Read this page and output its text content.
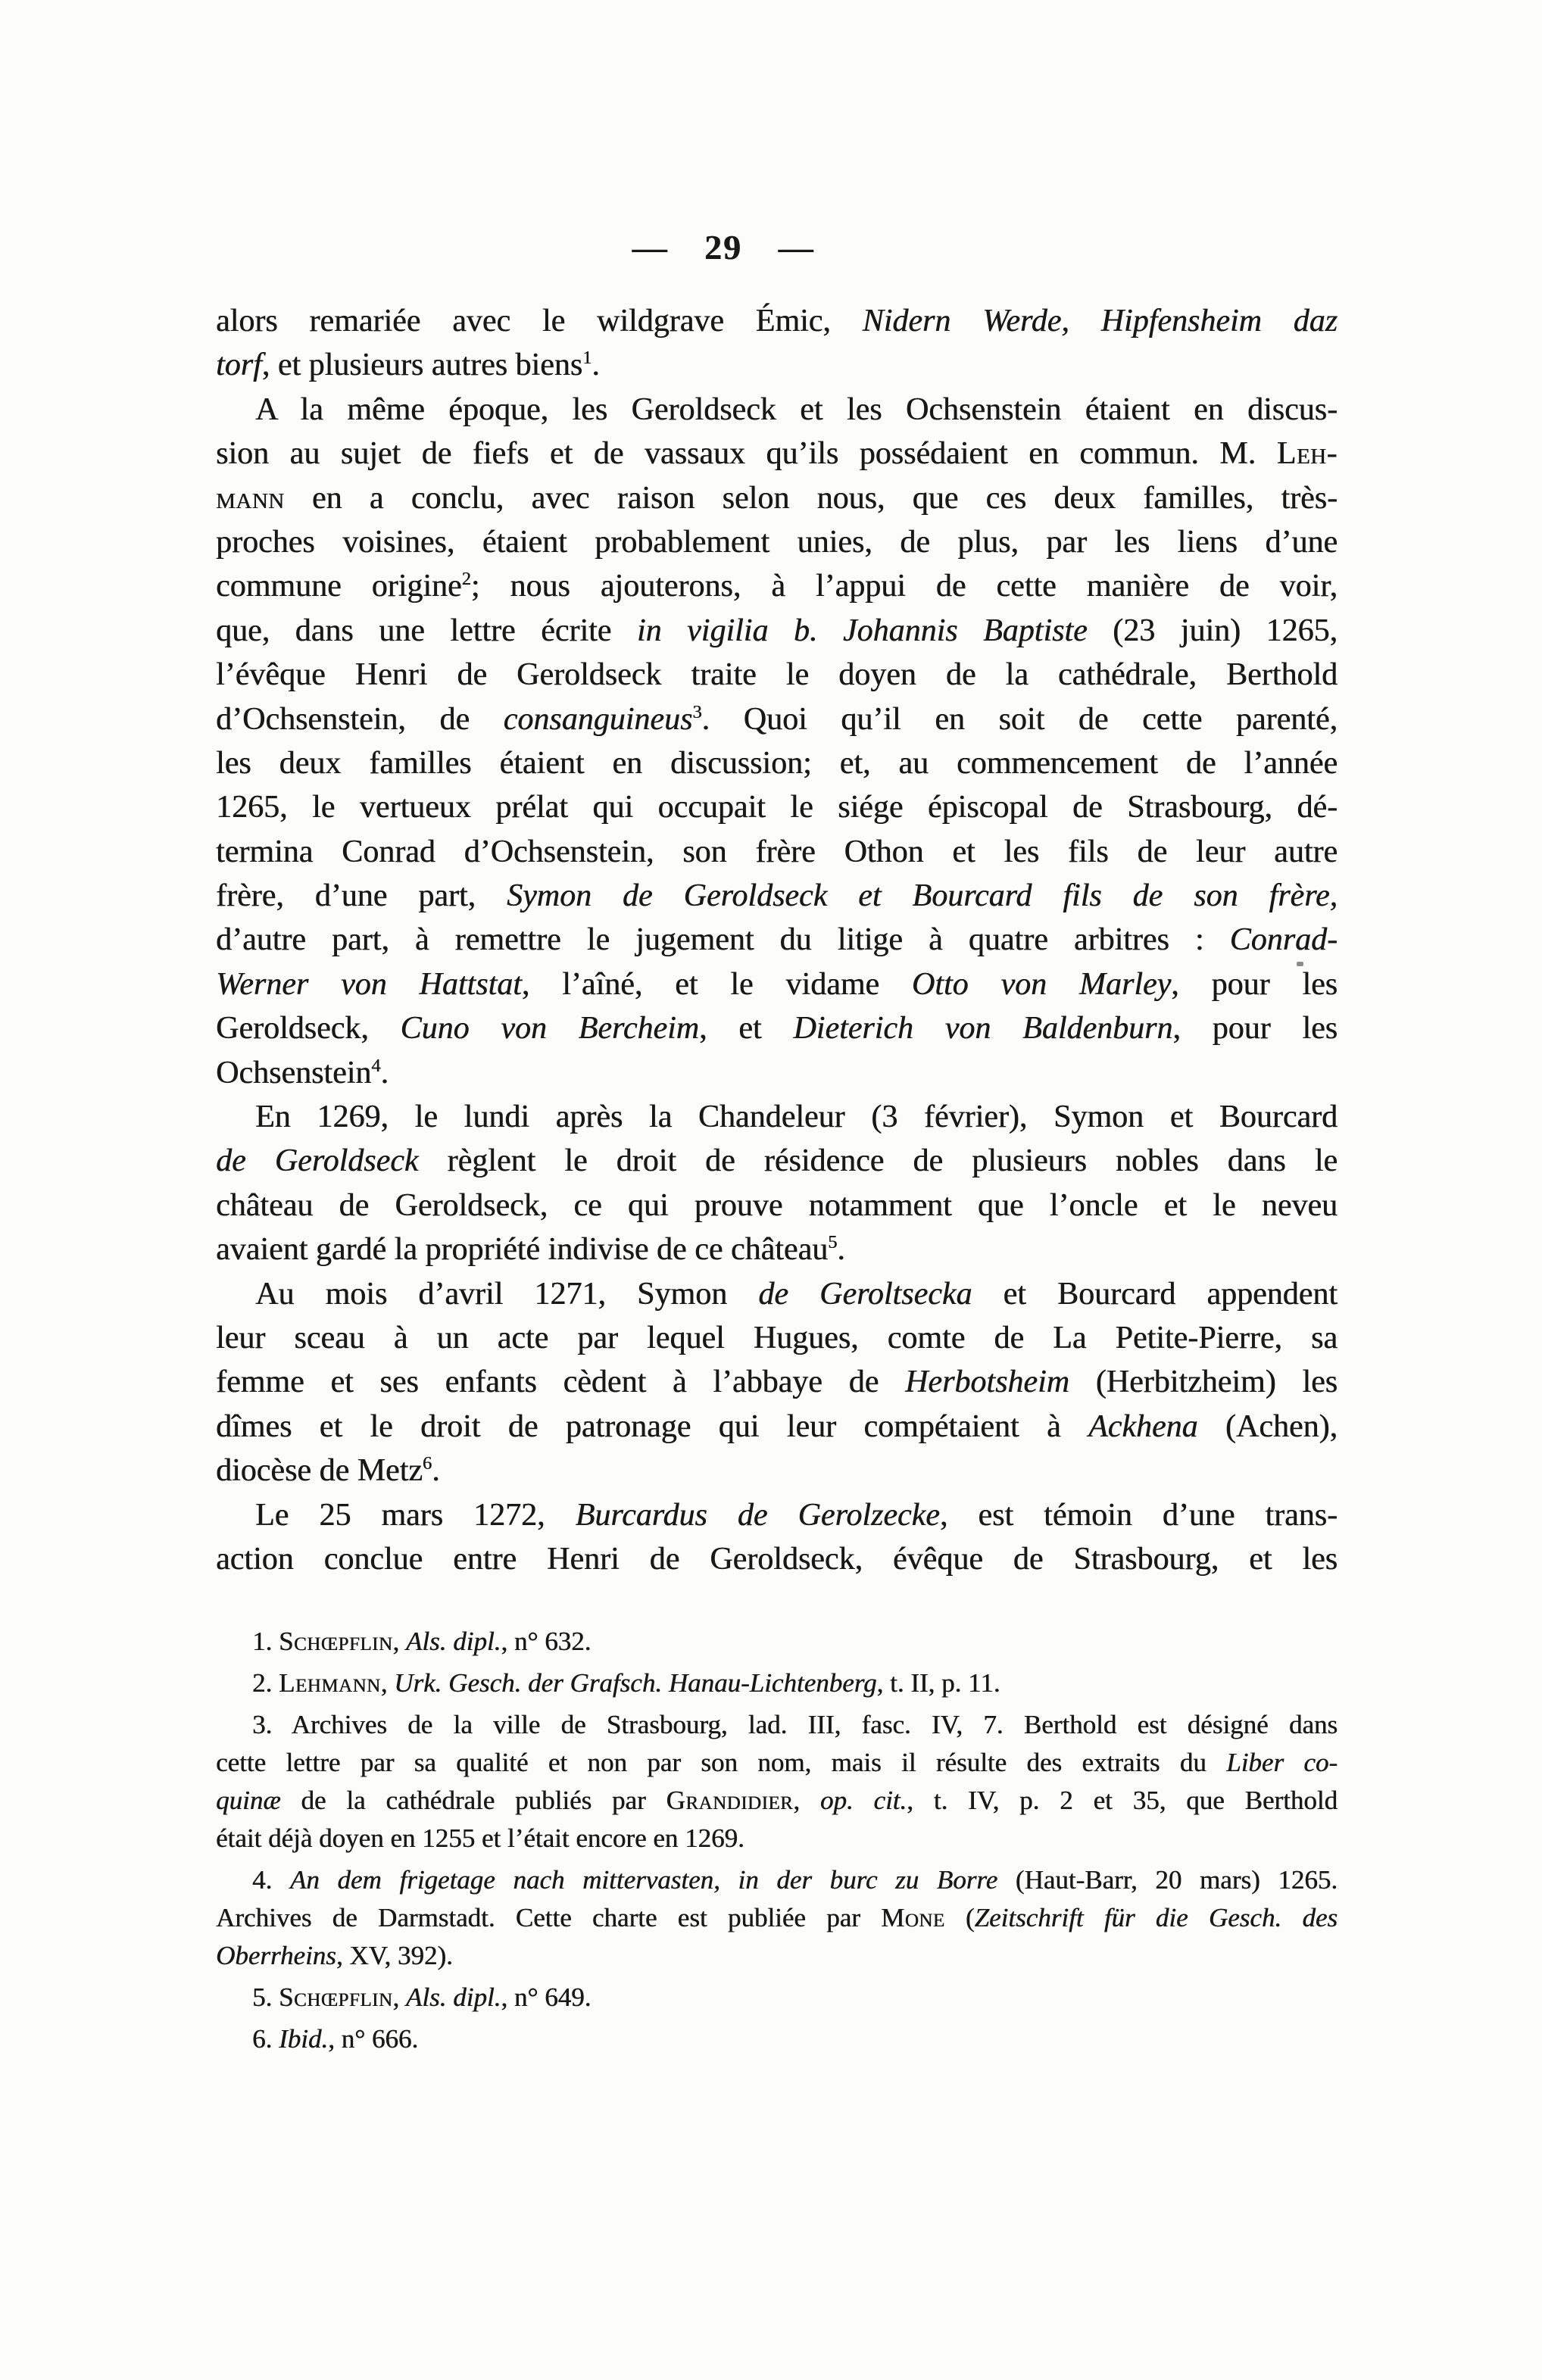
— 29 —
alors remariée avec le wildgrave Émic, Nidern Werde, Hipfensheim daz
torf, et plusieurs autres biens$^1$.
A la même époque, les Geroldseck et les Ochsenstein étaient en discus-
sion au sujet de fiefs et de vassaux qu’ils possédaient en commun. M. Leh-
mann en a conclu, avec raison selon nous, que ces deux familles, très-
proches voisines, étaient probablement unies, de plus, par les liens d’une
commune origine$^2$; nous ajouterons, à l’appui de cette manière de voir,
que, dans une lettre écrite in vigilia b. Johannis Baptiste (23 juin) 1265,
l’évêque Henri de Geroldseck traite le doyen de la cathédrale, Berthold
d’Ochsenstein, de consanguineus$^3$. Quoi qu’il en soit de cette parenté,
les deux familles étaient en discussion; et, au commencement de l’année
1265, le vertueux prélat qui occupait le siége épiscopal de Strasbourg, dé-
termina Conrad d’Ochsenstein, son frère Othon et les fils de leur autre
frère, d’une part, Symon de Geroldseck et Bourcard fils de son frère,
d’autre part, à remettre le jugement du litige à quatre arbitres : Conrad-
Werner von Hattstat, l’aîné, et le vidame Otto von Marley, pour les
Geroldseck, Cuno von Bercheim, et Dieterich von Baldenburn, pour les
Ochsenstein$^4$.
En 1269, le lundi après la Chandeleur (3 février), Symon et Bourcard
de Geroldseck règlent le droit de résidence de plusieurs nobles dans le
château de Geroldseck, ce qui prouve notamment que l’oncle et le neveu
avaient gardé la propriété indivise de ce château$^5$.
Au mois d’avril 1271, Symon de Geroltsecka et Bourcard appendent
leur sceau à un acte par lequel Hugues, comte de La Petite-Pierre, sa
femme et ses enfants cèdent à l’abbaye de Herbotsheim (Herbitzheim) les
dîmes et le droit de patronage qui leur compétaient à Ackhena (Achen),
diocèse de Metz$^6$.
Le 25 mars 1272, Burcardus de Gerolzecke, est témoin d’une trans-
action conclue entre Henri de Geroldseck, évêque de Strasbourg, et les
1. Schœpflin, Als. dipl., n° 632.
2. Lehmann, Urk. Gesch. der Grafsch. Hanau-Lichtenberg, t. II, p. 11.
3. Archives de la ville de Strasbourg, lad. III, fasc. IV, 7. Berthold est désigné dans
cette lettre par sa qualité et non par son nom, mais il résulte des extraits du Liber co-
quinæ de la cathédrale publiés par Grandidier, op. cit., t. IV, p. 2 et 35, que Berthold
était déjà doyen en 1255 et l’était encore en 1269.
4. An dem frigetage nach mittervasten, in der burc zu Borre (Haut-Barr, 20 mars) 1265.
Archives de Darmstadt. Cette charte est publiée par Mone (Zeitschrift für die Gesch. des
Oberrheins, XV, 392).
5. Schœpflin, Als. dipl., n° 649.
6. Ibid., n° 666.
